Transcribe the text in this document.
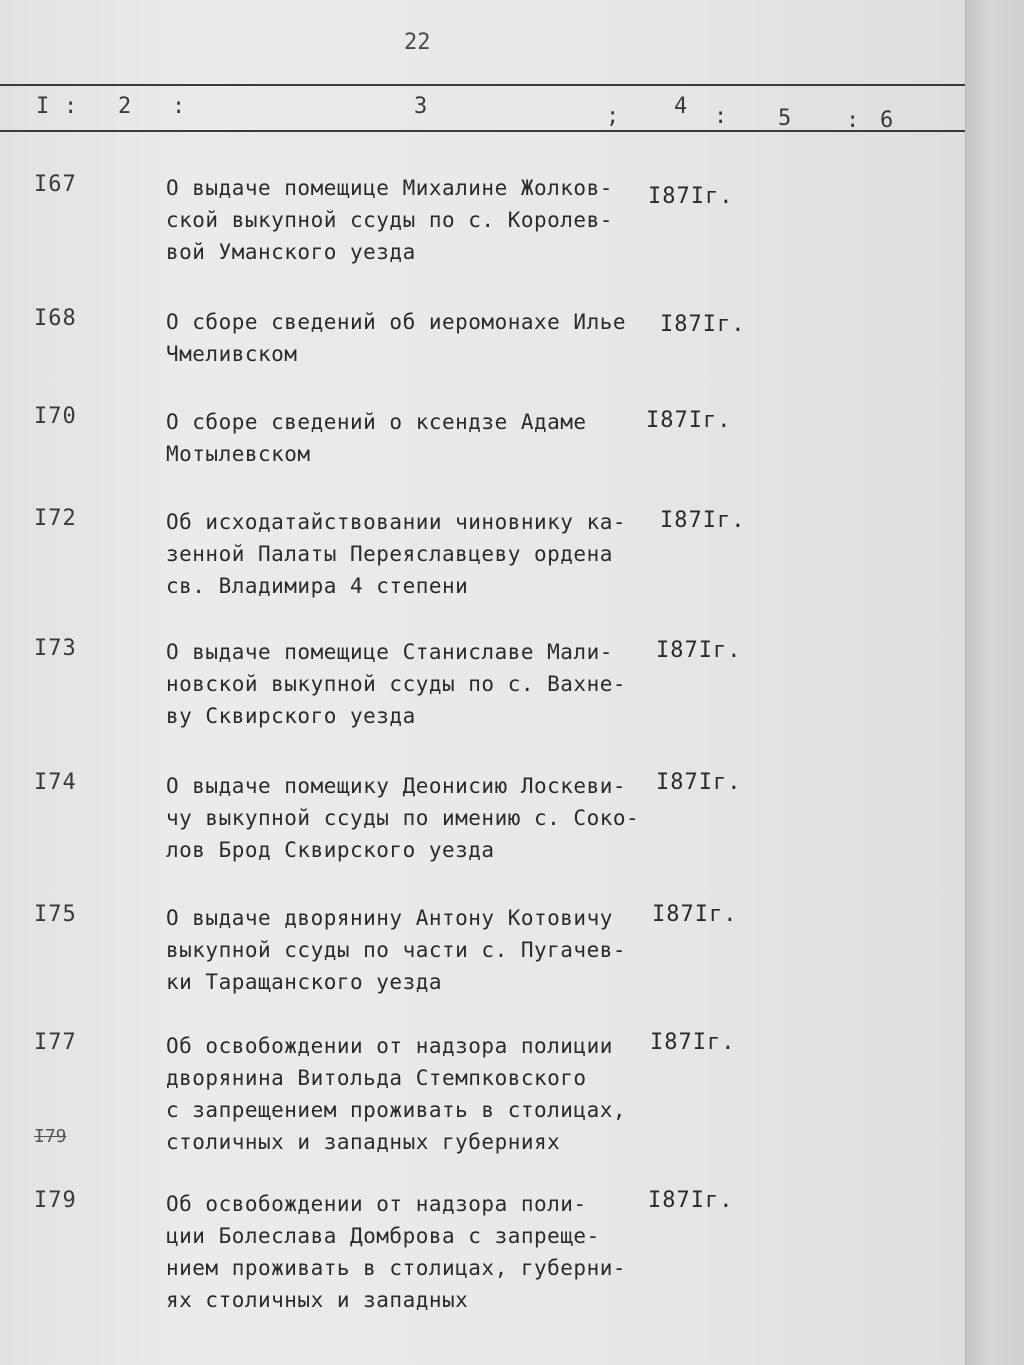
22
I : 2 :	3	; 4 : 5 : 6
I67	О выдаче помещице Михалине Жолков-
ской выкупной ссуды по с. Королев-
вой Уманского уезда
I87Iг.
I68	О сборе сведений об иеромонахе Илье
Чмеливском
I87Iг.
I70	О сборе сведений о ксендзе Адаме
Мотылевском
I87Iг.
I72	Об исходатайствовании чиновнику ка-
зенной Палаты Переяславцеву ордена
св. Владимира 4 степени
I87Iг.
I73	О выдаче помещице Станиславе Мали-
новской выкупной ссуды по с. Вахне-
ву Сквирского уезда
I87Iг.
I74	О выдаче помещику Деонисию Лоскеви-
чу выкупной ссуды по имению с. Соко-
лов Брод Сквирского уезда
I87Iг.
I75	О выдаче дворянину Антону Котовичу
выкупной ссуды по части с. Пугачев-
ки Таращанского уезда
I87Iг.
I77	Об освобождении от надзора полиции
дворянина Витольда Стемпковского
с запрещением проживать в столицах,
столичных и западных губерниях
I87Iг.
I79
I79	Об освобождении от надзора поли-
ции Болеслава Домброва с запреще-
нием проживать в столицах, губерни-
ях столичных и западных
I87Iг.
